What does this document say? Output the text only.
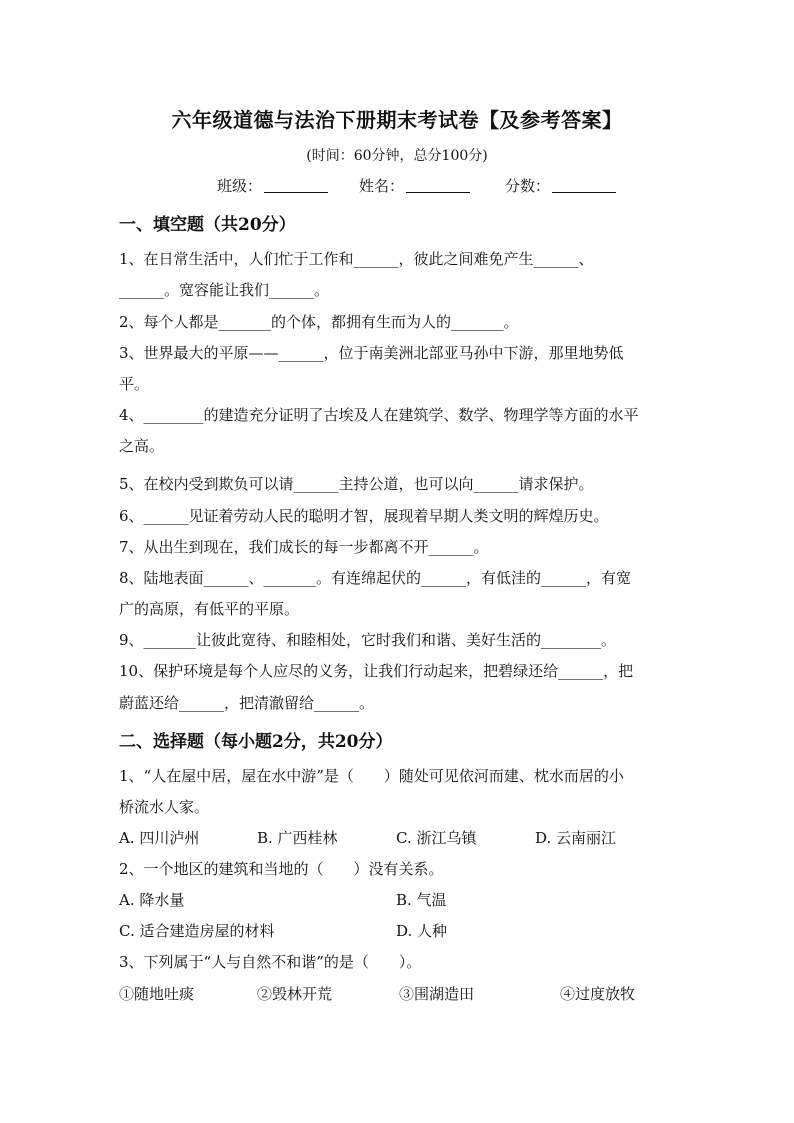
六年级道德与法治下册期末考试卷【及参考答案】
(时间：60分钟，总分100分)
班级：	姓名：	分数：
一、填空题（共20分）
1、在日常生活中，人们忙于工作和______，彼此之间难免产生______、
______。宽容能让我们______。
2、每个人都是_______的个体，都拥有生而为人的_______。
3、世界最大的平原——______，位于南美洲北部亚马孙中下游，那里地势低
平。
4、________的建造充分证明了古埃及人在建筑学、数学、物理学等方面的水平
之高。
5、在校内受到欺负可以请______主持公道，也可以向______请求保护。
6、______见证着劳动人民的聪明才智，展现着早期人类文明的辉煌历史。
7、从出生到现在，我们成长的每一步都离不开______。
8、陆地表面______、_______。有连绵起伏的______，有低洼的______，有宽
广的高原，有低平的平原。
9、_______让彼此宽待、和睦相处，它时我们和谐、美好生活的________。
10、保护环境是每个人应尽的义务，让我们行动起来，把碧绿还给______，把
蔚蓝还给______，把清澈留给______。
二、选择题（每小题2分，共20分）
1、“人在屋中居，屋在水中游”是（　　）随处可见依河而建、枕水而居的小
桥流水人家。
A. 四川泸州	B. 广西桂林	C. 浙江乌镇	D. 云南丽江
2、一个地区的建筑和当地的（　　）没有关系。
A. 降水量	B. 气温
C. 适合建造房屋的材料	D. 人种
3、下列属于“人与自然不和谐”的是（　　）。
①随地吐痰	②毁林开荒	③围湖造田	④过度放牧
